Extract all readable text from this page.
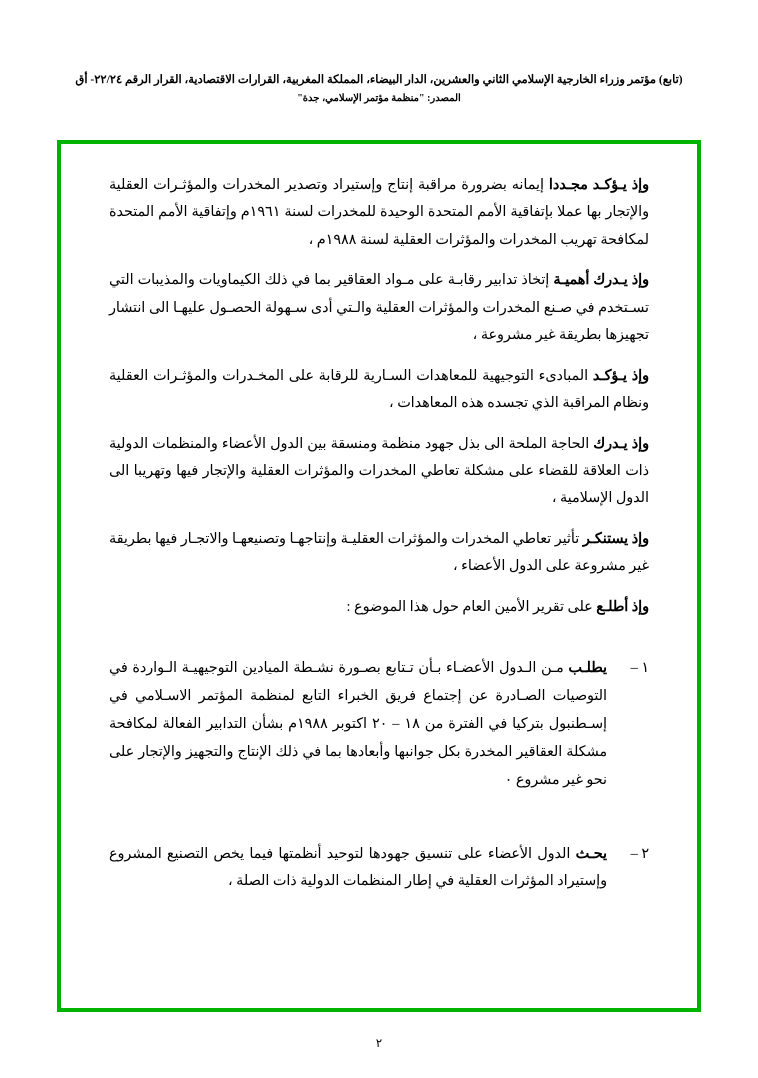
(تابع) مؤتمر وزراء الخارجية الإسلامي الثاني والعشرين، الدار البيضاء، المملكة المغربية، القرارات الاقتصادية، القرار الرقم ٢٢/٢٤- أق
المصدر: "منظمة مؤتمر الإسلامي، جدة"

وإذ يـؤكـد مجـددا إيمانه بضرورة مراقبة إنتاج وإستيراد وتصدير المخدرات والمؤثـرات العقلية والإتجار بها عملا بإتفاقية الأمم المتحدة الوحيدة للمخدرات لسنة ١٩٦١م وإتفاقية الأمم المتحدة لمكافحة تهريب المخدرات والمؤثرات العقلية لسنة ١٩٨٨م ،

وإذ يـدرك أهميـة إتخاذ تدابير رقابـة على مـواد العقاقير بما في ذلك الكيماويات والمذيبات التي تسـتخدم في صـنع المخدرات والمؤثرات العقلية والـتي أدى سـهولة الحصـول عليهـا الى انتشار تجهيزها بطريقة غير مشروعة ،

وإذ يـؤكـد المبادىء التوجيهية للمعاهدات السـارية للرقابة على المخـدرات والمؤثـرات العقلية ونظام المراقبة الذي تجسده هذه المعاهدات ،

وإذ يـدرك الحاجة الملحة الى بذل جهود منظمة ومنسقة بين الدول الأعضاء والمنظمات الدولية ذات العلاقة للقضاء على مشكلة تعاطي المخدرات والمؤثرات العقلية والإتجار فيها وتهريبا الى الدول الإسلامية ،

وإذ يستنكـر تأثير تعاطي المخدرات والمؤثرات العقليـة وإنتاجهـا وتصنيعهـا والاتجـار فيها بطريقة غير مشروعة على الدول الأعضاء ،

وإذ أطلـع على تقرير الأمين العام حول هذا الموضوع :

١ –
يطلـب مـن الـدول الأعضـاء بـأن تـتابع بصـورة نشـطة الميادين التوجيهيـة الـواردة في التوصيات الصـادرة عن إجتماع فريق الخبراء التابع لمنظمة المؤتمر الاسـلامي في إسـطنبول بتركيا في الفترة من ١٨ – ٢٠ اكتوبر ١٩٨٨م بشأن التدابير الفعالة لمكافحة مشكلة العقاقير المخدرة بكل جوانبها وأبعادها بما في ذلك الإنتاج والتجهيز والإتجار على نحو غير مشروع ٠
٢ –
يحـث الدول الأعضاء على تنسيق جهودها لتوحيد أنظمتها فيما يخص التصنيع المشروع وإستيراد المؤثرات العقلية في إطار المنظمات الدولية ذات الصلة ،
٢
